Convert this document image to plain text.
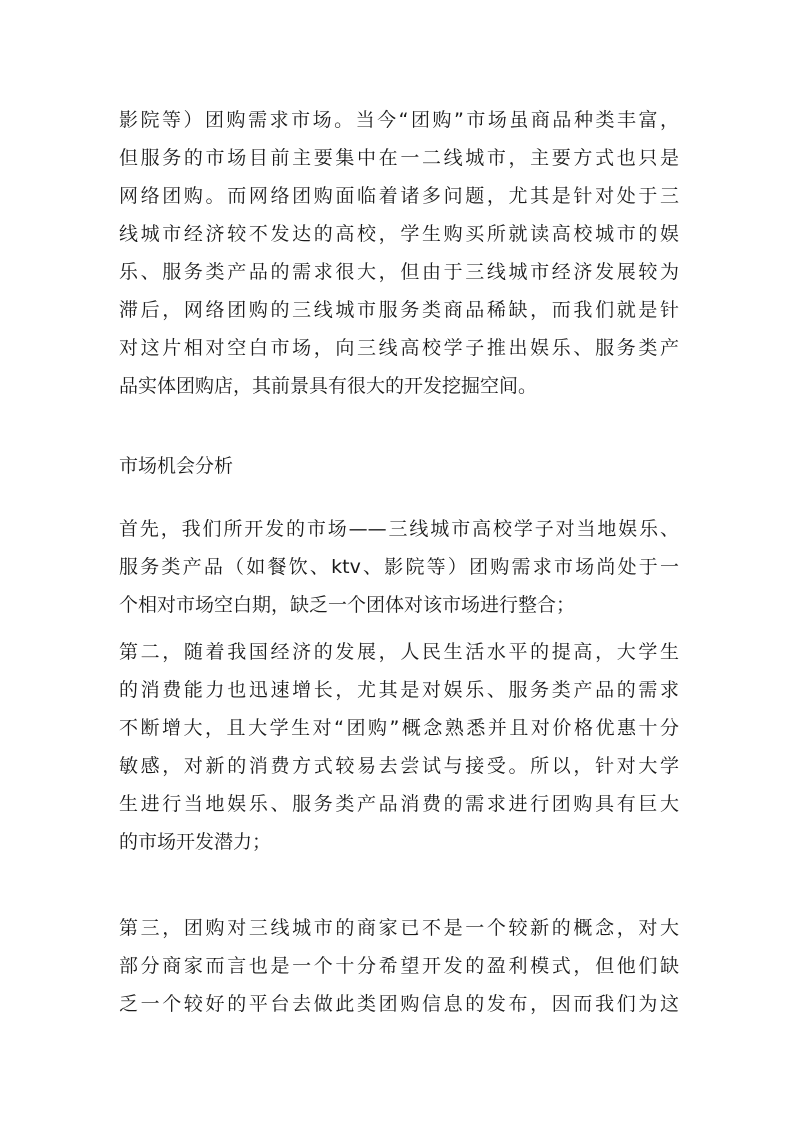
影院等）团购需求市场。当今“团购”市场虽商品种类丰富，
但服务的市场目前主要集中在一二线城市，主要方式也只是
网络团购。而网络团购面临着诸多问题，尤其是针对处于三
线城市经济较不发达的高校，学生购买所就读高校城市的娱
乐、服务类产品的需求很大，但由于三线城市经济发展较为
滞后，网络团购的三线城市服务类商品稀缺，而我们就是针
对这片相对空白市场，向三线高校学子推出娱乐、服务类产
品实体团购店，其前景具有很大的开发挖掘空间。
市场机会分析
首先，我们所开发的市场——三线城市高校学子对当地娱乐、
服务类产品（如餐饮、ktv、影院等）团购需求市场尚处于一
个相对市场空白期，缺乏一个团体对该市场进行整合；
第二，随着我国经济的发展，人民生活水平的提高，大学生
的消费能力也迅速增长，尤其是对娱乐、服务类产品的需求
不断增大，且大学生对“团购”概念熟悉并且对价格优惠十分
敏感，对新的消费方式较易去尝试与接受。所以，针对大学
生进行当地娱乐、服务类产品消费的需求进行团购具有巨大
的市场开发潜力；
第三，团购对三线城市的商家已不是一个较新的概念，对大
部分商家而言也是一个十分希望开发的盈利模式，但他们缺
乏一个较好的平台去做此类团购信息的发布，因而我们为这
